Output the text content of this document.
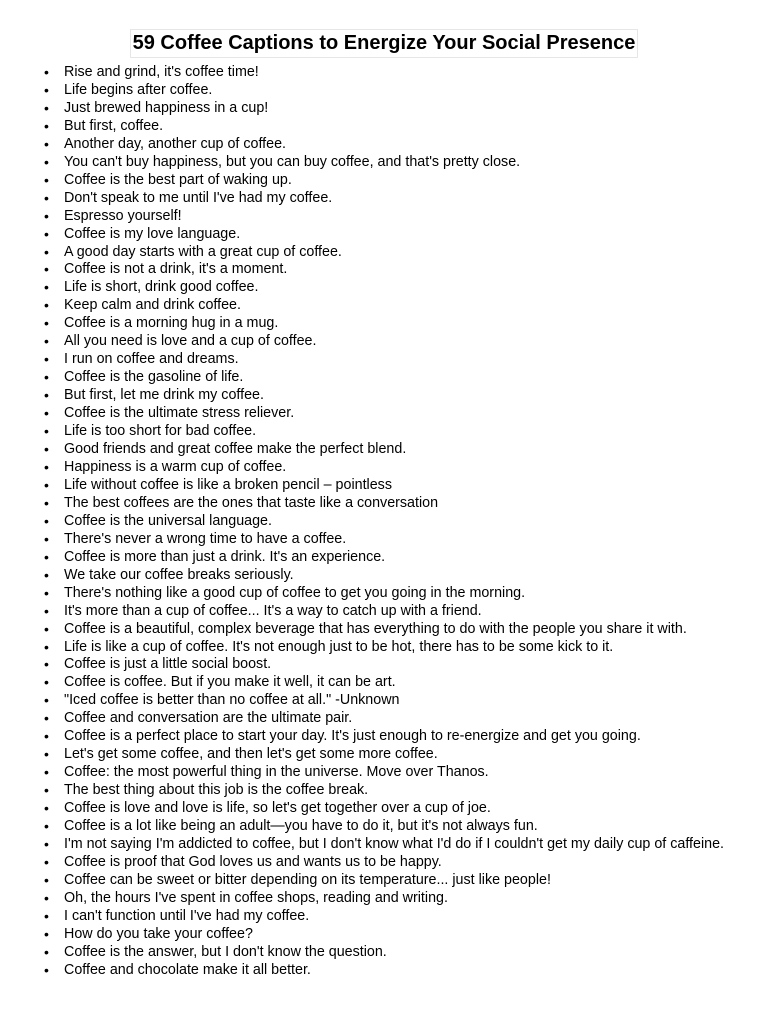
59 Coffee Captions to Energize Your Social Presence
• Rise and grind, it's coffee time!
• Life begins after coffee.
• Just brewed happiness in a cup!
• But first, coffee.
• Another day, another cup of coffee.
• You can't buy happiness, but you can buy coffee, and that's pretty close.
• Coffee is the best part of waking up.
• Don't speak to me until I've had my coffee.
• Espresso yourself!
• Coffee is my love language.
• A good day starts with a great cup of coffee.
• Coffee is not a drink, it's a moment.
• Life is short, drink good coffee.
• Keep calm and drink coffee.
• Coffee is a morning hug in a mug.
• All you need is love and a cup of coffee.
• I run on coffee and dreams.
• Coffee is the gasoline of life.
• But first, let me drink my coffee.
• Coffee is the ultimate stress reliever.
• Life is too short for bad coffee.
• Good friends and great coffee make the perfect blend.
• Happiness is a warm cup of coffee.
• Life without coffee is like a broken pencil – pointless
• The best coffees are the ones that taste like a conversation
• Coffee is the universal language.
• There's never a wrong time to have a coffee.
• Coffee is more than just a drink. It's an experience.
• We take our coffee breaks seriously.
• There's nothing like a good cup of coffee to get you going in the morning.
• It's more than a cup of coffee... It's a way to catch up with a friend.
• Coffee is a beautiful, complex beverage that has everything to do with the people you share it with.
• Life is like a cup of coffee. It's not enough just to be hot, there has to be some kick to it.
• Coffee is just a little social boost.
• Coffee is coffee. But if you make it well, it can be art.
• "Iced coffee is better than no coffee at all." -Unknown
• Coffee and conversation are the ultimate pair.
• Coffee is a perfect place to start your day. It's just enough to re-energize and get you going.
• Let's get some coffee, and then let's get some more coffee.
• Coffee: the most powerful thing in the universe. Move over Thanos.
• The best thing about this job is the coffee break.
• Coffee is love and love is life, so let's get together over a cup of joe.
• Coffee is a lot like being an adult—you have to do it, but it's not always fun.
• I'm not saying I'm addicted to coffee, but I don't know what I'd do if I couldn't get my daily cup of caffeine.
• Coffee is proof that God loves us and wants us to be happy.
• Coffee can be sweet or bitter depending on its temperature... just like people!
• Oh, the hours I've spent in coffee shops, reading and writing.
• I can't function until I've had my coffee.
• How do you take your coffee?
• Coffee is the answer, but I don't know the question.
• Coffee and chocolate make it all better.
